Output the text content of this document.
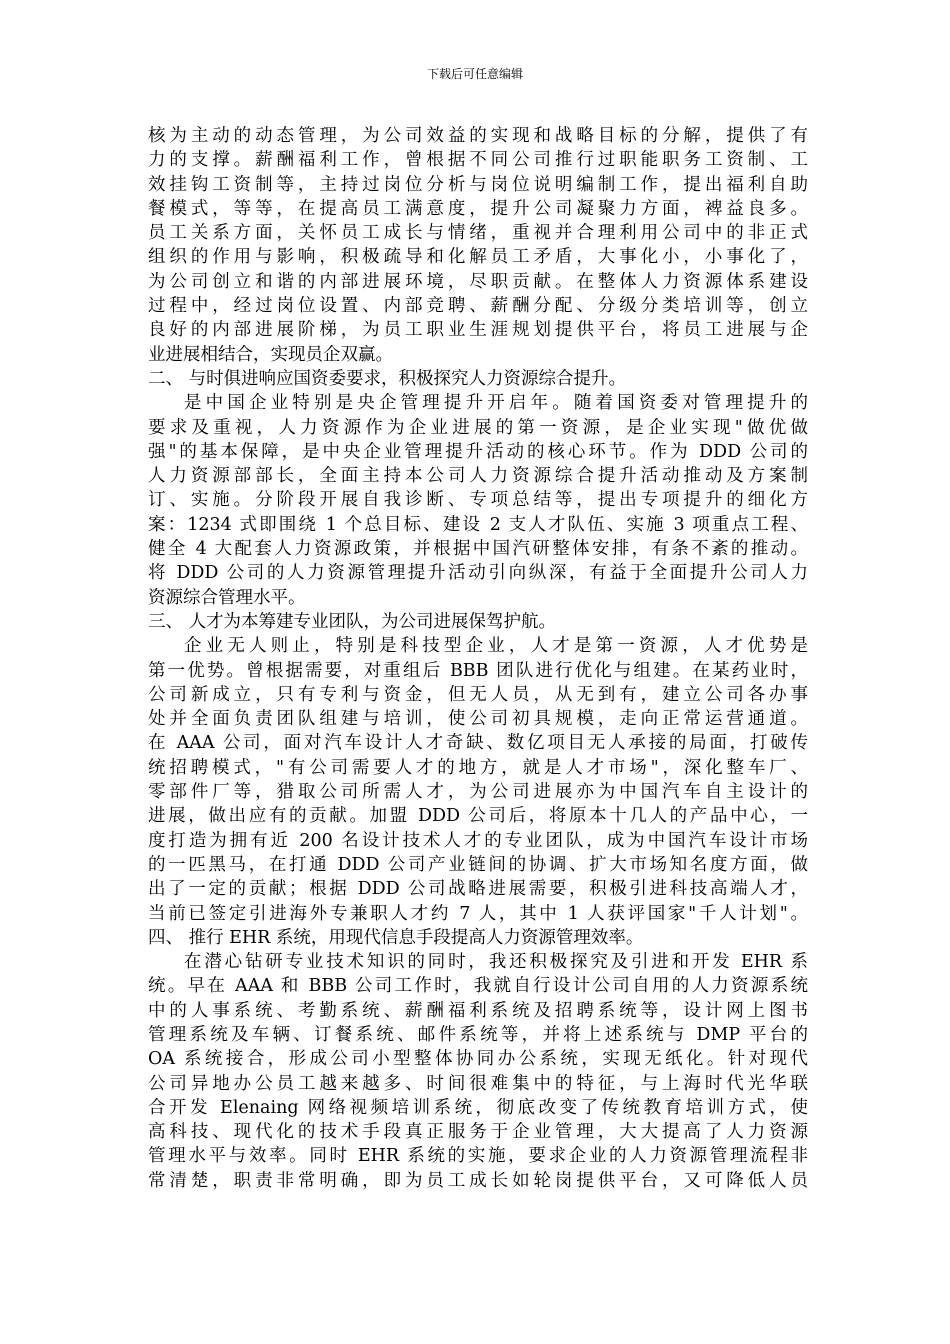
下载后可任意编辑
核为主动的动态管理，为公司效益的实现和战略目标的分解，提供了有
力的支撑。薪酬福利工作，曾根据不同公司推行过职能职务工资制、工
效挂钩工资制等，主持过岗位分析与岗位说明编制工作，提出福利自助
餐模式，等等，在提高员工满意度，提升公司凝聚力方面，裨益良多。
员工关系方面，关怀员工成长与情绪，重视并合理利用公司中的非正式
组织的作用与影响，积极疏导和化解员工矛盾，大事化小，小事化了，
为公司创立和谐的内部进展环境，尽职贡献。在整体人力资源体系建设
过程中，经过岗位设置、内部竞聘、薪酬分配、分级分类培训等，创立
良好的内部进展阶梯，为员工职业生涯规划提供平台，将员工进展与企
业进展相结合，实现员企双赢。
二、 与时俱进响应国资委要求，积极探究人力资源综合提升。
是中国企业特别是央企管理提升开启年。随着国资委对管理提升的
要求及重视，人力资源作为企业进展的第一资源，是企业实现"做优做
强"的基本保障，是中央企业管理提升活动的核心环节。作为 DDD 公司的
人力资源部部长，全面主持本公司人力资源综合提升活动推动及方案制
订、实施。分阶段开展自我诊断、专项总结等，提出专项提升的细化方
案：1234 式即围绕 1 个总目标、建设 2 支人才队伍、实施 3 项重点工程、
健全 4 大配套人力资源政策，并根据中国汽研整体安排，有条不紊的推动。
将 DDD 公司的人力资源管理提升活动引向纵深，有益于全面提升公司人力
资源综合管理水平。
三、 人才为本筹建专业团队，为公司进展保驾护航。
企业无人则止，特别是科技型企业，人才是第一资源，人才优势是
第一优势。曾根据需要，对重组后 BBB 团队进行优化与组建。在某药业时，
公司新成立，只有专利与资金，但无人员，从无到有，建立公司各办事
处并全面负责团队组建与培训，使公司初具规模，走向正常运营通道。
在 AAA 公司，面对汽车设计人才奇缺、数亿项目无人承接的局面，打破传
统招聘模式，"有公司需要人才的地方，就是人才市场"，深化整车厂、
零部件厂等，猎取公司所需人才，为公司进展亦为中国汽车自主设计的
进展，做出应有的贡献。加盟 DDD 公司后，将原本十几人的产品中心，一
度打造为拥有近 200 名设计技术人才的专业团队，成为中国汽车设计市场
的一匹黑马，在打通 DDD 公司产业链间的协调、扩大市场知名度方面，做
出了一定的贡献；根据 DDD 公司战略进展需要，积极引进科技高端人才，
当前已签定引进海外专兼职人才约 7 人，其中 1 人获评国家"千人计划"。
四、 推行 EHR 系统，用现代信息手段提高人力资源管理效率。
在潜心钻研专业技术知识的同时，我还积极探究及引进和开发 EHR 系
统。早在 AAA 和 BBB 公司工作时，我就自行设计公司自用的人力资源系统
中的人事系统、考勤系统、薪酬福利系统及招聘系统等，设计网上图书
管理系统及车辆、订餐系统、邮件系统等，并将上述系统与 DMP 平台的
OA 系统接合，形成公司小型整体协同办公系统，实现无纸化。针对现代
公司异地办公员工越来越多、时间很难集中的特征，与上海时代光华联
合开发 Elenaing 网络视频培训系统，彻底改变了传统教育培训方式，使
高科技、现代化的技术手段真正服务于企业管理，大大提高了人力资源
管理水平与效率。同时 EHR 系统的实施，要求企业的人力资源管理流程非
常清楚，职责非常明确，即为员工成长如轮岗提供平台，又可降低人员
